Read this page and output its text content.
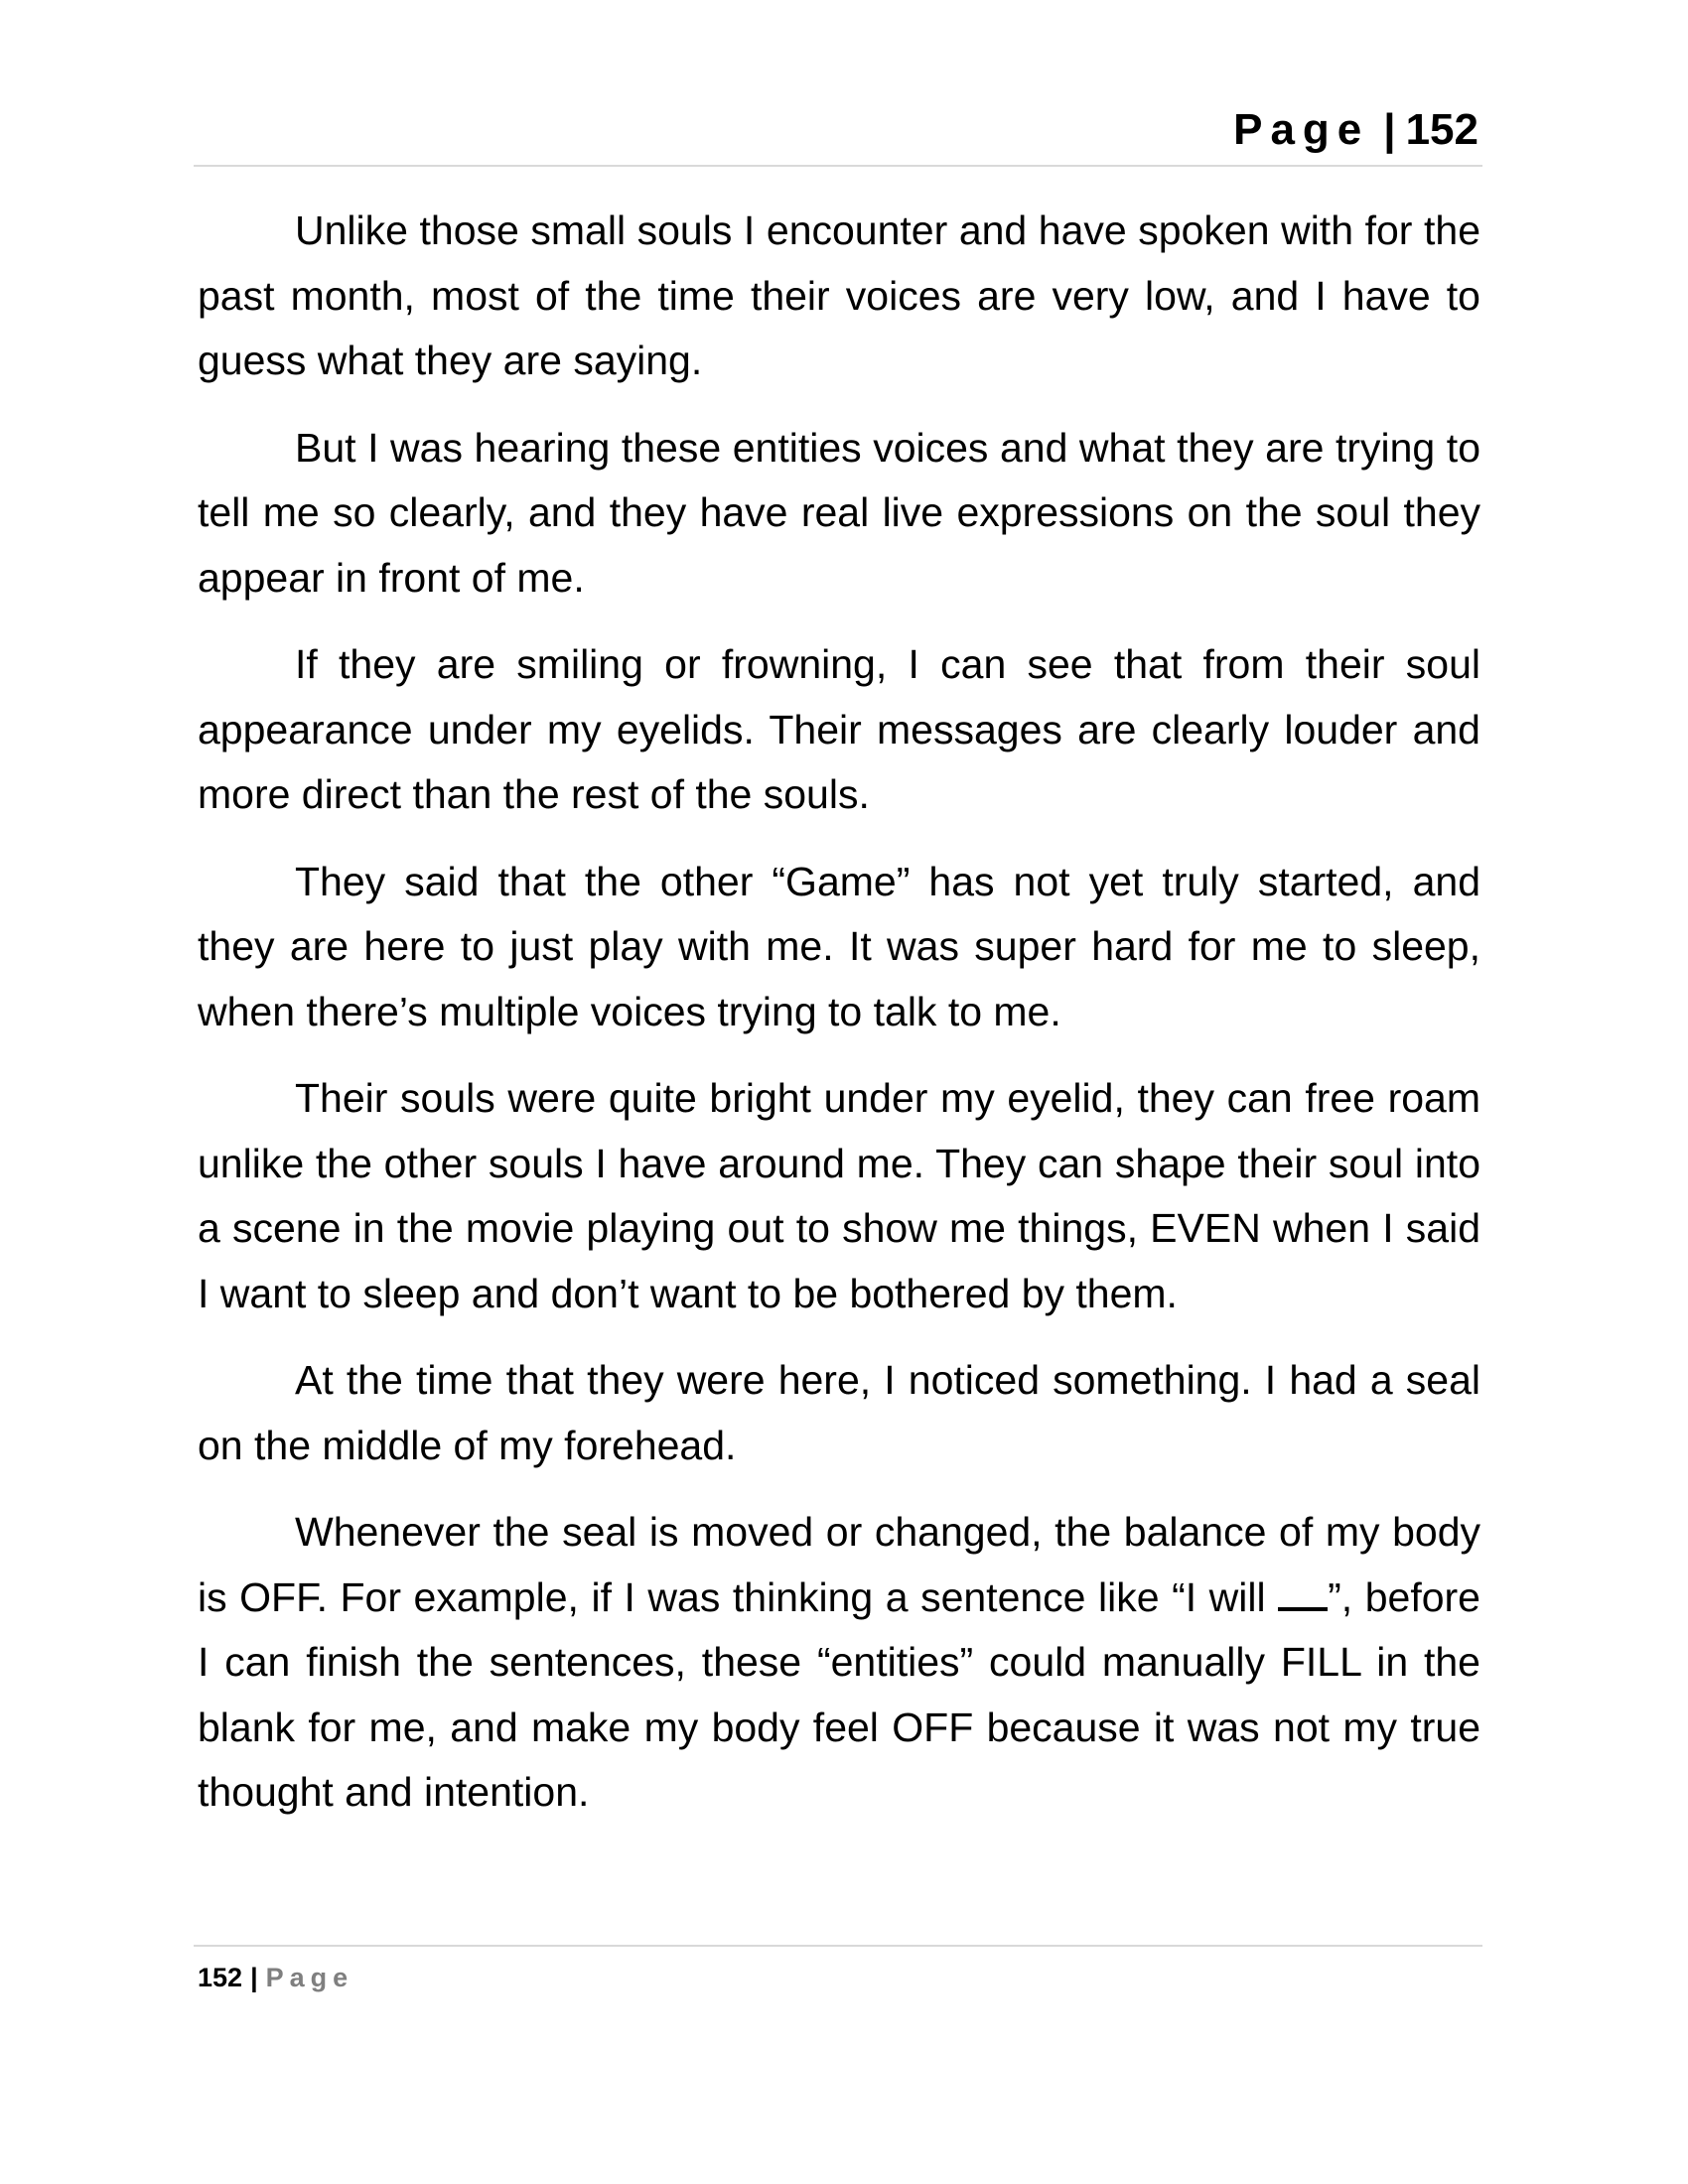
Page | 152

Unlike those small souls I encounter and have spoken with for the past month, most of the time their voices are very low, and I have to guess what they are saying.

But I was hearing these entities voices and what they are trying to tell me so clearly, and they have real live expressions on the soul they appear in front of me.

If they are smiling or frowning, I can see that from their soul appearance under my eyelids. Their messages are clearly louder and more direct than the rest of the souls.

They said that the other “Game” has not yet truly started, and they are here to just play with me. It was super hard for me to sleep, when there’s multiple voices trying to talk to me.

Their souls were quite bright under my eyelid, they can free roam unlike the other souls I have around me. They can shape their soul into a scene in the movie playing out to show me things, EVEN when I said I want to sleep and don’t want to be bothered by them.

At the time that they were here, I noticed something. I had a seal on the middle of my forehead.

Whenever the seal is moved or changed, the balance of my body is OFF. For example, if I was thinking a sentence like “I will ”, before I can finish the sentences, these “entities” could manually FILL in the blank for me, and make my body feel OFF because it was not my true thought and intention.

152 | Page
